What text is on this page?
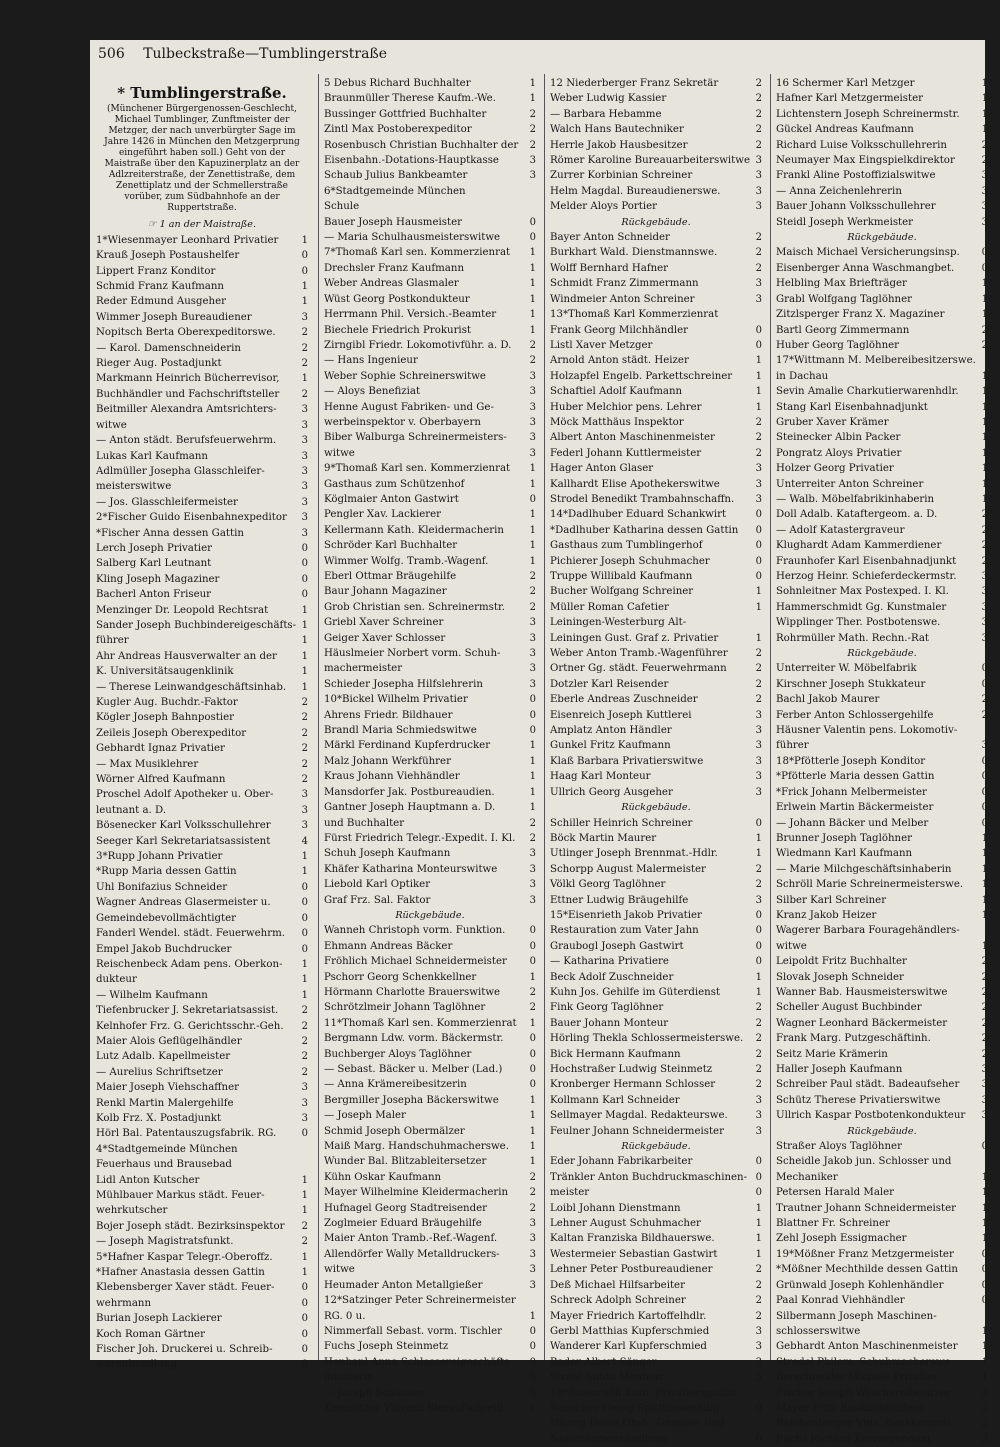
506 Tulbeckstraße—Tumblingerstraße
* Tumblingerstraße.
(Münchener Bürgergenossen-Geschlecht, Michael Tumblinger, Zunftmeister der Metzger, der nach unverbürgter Sage im Jahre 1426 in München den Metzgerprung eingeführt haben soll.) Geht von der Maistraße über den Kapuzinerplatz an der Adlzreiterstraße, der Zenettistraße, dem Zenettiplatz und der Schmellerstraße vorüber, zum Südbahnhofe an der Ruppertstraße.
☞ 1 an der Maistraße.
1*Wiesenmayer Leonhard Privatier	1
Krauß Joseph Postaushelfer	0
Lippert Franz Konditor	0
Schmid Franz Kaufmann	1
Reder Edmund Ausgeher	1
Wimmer Joseph Bureaudiener	3
Nopitsch Berta Oberexpeditorswe.	2
— Karol. Damenschneiderin	2
Rieger Aug. Postadjunkt	2
Markmann Heinrich Bücherrevisor,	1
Buchhändler und Fachschriftsteller	2
Beitmiller Alexandra Amtsrichters-	3
witwe	3
— Anton städt. Berufsfeuerwehrm.	3
Lukas Karl Kaufmann	3
Adlmüller Josepha Glasschleifer-	3
meisterswitwe	3
— Jos. Glasschleifermeister	3
2*Fischer Guido Eisenbahnexpeditor	3
*Fischer Anna dessen Gattin	3
Lerch Joseph Privatier	0
Salberg Karl Leutnant	0
Kling Joseph Magaziner	0
Bacherl Anton Friseur	0
Menzinger Dr. Leopold Rechtsrat	1
Sander Joseph Buchbindereigeschäfts- 1
führer	1
Ahr Andreas Hausverwalter an der	1
K. Universitätsaugenklinik	1
— Therese Leinwandgeschäftsinhab.	1
Kugler Aug. Buchdr.-Faktor	2
Kögler Joseph Bahnpostier	2
Zeileis Joseph Oberexpeditor	2
Gebhardt Ignaz Privatier	2
— Max Musiklehrer	2
Wörner Alfred Kaufmann	2
Proschel Adolf Apotheker u. Ober-	3
leutnant a. D.	3
Bösenecker Karl Volksschullehrer	3
Seeger Karl Sekretariatsassistent	4
3*Rupp Johann Privatier	1
*Rupp Maria dessen Gattin	1
Uhl Bonifazius Schneider	0
Wagner Andreas Glasermeister u.	0
Gemeindebevollmächtigter	0
Fanderl Wendel. städt. Feuerwehrm.	0
Empel Jakob Buchdrucker	0
Reischenbeck Adam pens. Oberkon-	1
dukteur	1
— Wilhelm Kaufmann	1
Tiefenbrucker J. Sekretariatsassist.	2
Kelnhofer Frz. G. Gerichtsschr.-Geh.	2
Maier Alois Geflügelhändler	2
Lutz Adalb. Kapellmeister	2
— Aurelius Schriftsetzer	2
Maier Joseph Viehschaffner	3
Renkl Martin Malergehilfe	3
Kolb Frz. X. Postadjunkt	3
Hörl Bal. Patentauszugsfabrik. RG.	0
4*Stadtgemeinde München
Feuerhaus und Brausebad
Lidl Anton Kutscher	1
Mühlbauer Markus städt. Feuer-	1
wehrkutscher	1
Bojer Joseph städt. Bezirksinspektor	2
— Joseph Magistratsfunkt.	2
5*Hafner Kaspar Telegr.-Oberoffz.	1
*Hafner Anastasia dessen Gattin	1
Klebensberger Xaver städt. Feuer-	0
wehrmann	0
Burian Joseph Lackierer	0
Koch Roman Gärtner	0
Fischer Joh. Druckerei u. Schreib-	0
warenhandlung	0
5 Debus Richard Buchhalter	1
Braunmüller Therese Kaufm.-We.	1
Bussinger Gottfried Buchhalter	2
Zintl Max Postoberexpeditor	2
Rosenbusch Christian Buchhalter der	2
Eisenbahn.-Dotations-Hauptkasse	3
Schaub Julius Bankbeamter	3
6*Stadtgemeinde München
Schule
Bauer Joseph Hausmeister	0
— Maria Schulhausmeisterswitwe	0
7*Thomaß Karl sen. Kommerzienrat	1
Drechsler Franz Kaufmann	1
Weber Andreas Glasmaler	1
Wüst Georg Postkondukteur	1
Herrmann Phil. Versich.-Beamter	1
Biechele Friedrich Prokurist	1
Zirngibl Friedr. Lokomotivführ. a. D.	2
— Hans Ingenieur	2
Weber Sophie Schreinerswitwe	3
— Aloys Benefiziat	3
Henne August Fabriken- und Ge-	3
werbeinspektor v. Oberbayern	3
Biber Walburga Schreinermeisters-	3
witwe	3
9*Thomaß Karl sen. Kommerzienrat	1
Gasthaus zum Schützenhof	1
Köglmaier Anton Gastwirt	0
Pengler Xav. Lackierer	1
Kellermann Kath. Kleidermacherin	1
Schröder Karl Buchhalter	1
Wimmer Wolfg. Tramb.-Wagenf.	1
Eberl Ottmar Bräugehilfe	2
Baur Johann Magaziner	2
Grob Christian sen. Schreinermstr.	2
Griebl Xaver Schreiner	3
Geiger Xaver Schlosser	3
Häuslmeier Norbert vorm. Schuh-	3
machermeister	3
Schieder Josepha Hilfslehrerin	3
10*Bickel Wilhelm Privatier	0
Ahrens Friedr. Bildhauer	0
Brandl Maria Schmiedswitwe	0
Märkl Ferdinand Kupferdrucker	1
Malz Johann Werkführer	1
Kraus Johann Viehhändler	1
Mansdorfer Jak. Postbureaudien.	1
Gantner Joseph Hauptmann a. D.	1
und Buchhalter	2
Fürst Friedrich Telegr.-Expedit. I. Kl.	2
Schuh Joseph Kaufmann	3
Khäfer Katharina Monteurswitwe	3
Liebold Karl Optiker	3
Graf Frz. Sal. Faktor	3
Rückgebäude.
Wanneh Christoph vorm. Funktion.	0
Ehmann Andreas Bäcker	0
Fröhlich Michael Schneidermeister	0
Pschorr Georg Schenkkellner	1
Hörmann Charlotte Brauerswitwe	2
Schrötzlmeir Johann Taglöhner	2
11*Thomaß Karl sen. Kommerzienrat	1
Bergmann Ldw. vorm. Bäckermstr.	0
Buchberger Aloys Taglöhner	0
— Sebast. Bäcker u. Melber (Lad.)	0
— Anna Krämereibesitzerin	0
Bergmiller Josepha Bäckerswitwe	1
— Joseph Maler	1
Schmid Joseph Obermälzer	1
Maiß Marg. Handschuhmacherswe.	1
Wunder Bal. Blitzableitersetzer	1
Kühn Oskar Kaufmann	2
Mayer Wilhelmine Kleidermacherin	2
Hufnagel Georg Stadtreisender	2
Zoglmeier Eduard Bräugehilfe	3
Maier Anton Tramb.-Ref.-Wagenf.	3
Allendörfer Wally Metalldruckers-	3
witwe	3
Heumader Anton Metallgießer	3
12*Satzinger Peter Schreinermeister
RG. 0 u.	1
Nimmerfall Sebast. vorm. Tischler	0
Fuchs Joseph Steinmetz	0
Henhapl Anna Schlossereigeschäfts-	0
inhaberin	0
— Joseph Schlosser	0
Kemmitzer Vinzenz Bieraufschreib.	1
12 Niederberger Franz Sekretär	2
Weber Ludwig Kassier	2
— Barbara Hebamme	2
Walch Hans Bautechniker	2
Herrle Jakob Hausbesitzer	2
Römer Karoline Bureauarbeiterswitwe 3
Zurrer Korbinian Schreiner	3
Helm Magdal. Bureaudienerswe.	3
Melder Aloys Portier	3
Rückgebäude.
Bayer Anton Schneider	2
Burkhart Wald. Dienstmannswe.	2
Wolff Bernhard Hafner	2
Schmidt Franz Zimmermann	3
Windmeier Anton Schreiner	3
13*Thomaß Karl Kommerzienrat
Frank Georg Milchhändler	0
Listl Xaver Metzger	0
Arnold Anton städt. Heizer	1
Holzapfel Engelb. Parkettschreiner	1
Schaftiel Adolf Kaufmann	1
Huber Melchior pens. Lehrer	1
Möck Matthäus Inspektor	2
Albert Anton Maschinenmeister	2
Federl Johann Kuttlermeister	2
Hager Anton Glaser	3
Kallhardt Elise Apothekerswitwe	3
Strodel Benedikt Trambahnschaffn.	3
14*Dadlhuber Eduard Schankwirt	0
*Dadlhuber Katharina dessen Gattin	0
Gasthaus zum Tumblingerhof	0
Pichierer Joseph Schuhmacher	0
Truppe Willibald Kaufmann	0
Bucher Wolfgang Schreiner	1
Müller Roman Cafetier	1
Leiningen-Westerburg Alt-
Leiningen Gust. Graf z. Privatier	1
Weber Anton Tramb.-Wagenführer	2
Ortner Gg. städt. Feuerwehrmann	2
Dotzler Karl Reisender	2
Eberle Andreas Zuschneider	2
Eisenreich Joseph Kuttlerei	3
Amplatz Anton Händler	3
Gunkel Fritz Kaufmann	3
Klaß Barbara Privatierswitwe	3
Haag Karl Monteur	3
Ullrich Georg Ausgeher	3
Rückgebäude.
Schiller Heinrich Schreiner	0
Böck Martin Maurer	1
Utlinger Joseph Brennmat.-Hdlr.	1
Schorpp August Malermeister	2
Völkl Georg Taglöhner	2
Ettner Ludwig Bräugehilfe	3
15*Eisenrieth Jakob Privatier	0
Restauration zum Vater Jahn	0
Graubogl Joseph Gastwirt	0
— Katharina Privatiere	0
Beck Adolf Zuschneider	1
Kuhn Jos. Gehilfe im Güterdienst	1
Fink Georg Taglöhner	2
Bauer Johann Monteur	2
Hörling Thekla Schlossermeisterswe.	2
Bick Hermann Kaufmann	2
Hochstraßer Ludwig Steinmetz	2
Kronberger Hermann Schlosser	2
Kollmann Karl Schneider	3
Sellmayer Magdal. Redakteurswe.	3
Feulner Johann Schneidermeister	3
Rückgebäude.
Eder Johann Fabrikarbeiter	0
Tränkler Anton Buchdruckmaschinen- 0
meister	0
Loibl Johann Dienstmann	1
Lehner August Schuhmacher	1
Kaltan Franziska Bildhauerswe.	1
Westermeier Sebastian Gastwirt	1
Lehner Peter Postbureaudiener	2
Deß Michael Hilfsarbeiter	2
Schreck Adolph Schreiner	2
Mayer Friedrich Kartoffelhdlr.	2
Gerbl Matthias Kupferschmied	3
Wanderer Karl Kupferschmied	3
Bader Albert Sänger	3
Strehl Anton Monteur	3
16*Eisenrieth Kath. Privatiersgattin
Rauscher Georg Spirituosenhdlg.	0
Häring David Obst-, Gemüse- und
Naturblumenhandlung	0
16 Schermer Karl Metzger	1
Hafner Karl Metzgermeister	1
Lichtenstern Joseph Schreinermstr.	1
Gückel Andreas Kaufmann	1
Richard Luise Volksschullehrerin	2
Neumayer Max Eingspielkdirektor	2
Frankl Aline Postoffizialswitwe	3
— Anna Zeichenlehrerin	3
Bauer Johann Volksschullehrer	3
Steidl Joseph Werkmeister	3
Rückgebäude.
Maisch Michael Versicherungsinsp.	0
Eisenberger Anna Waschmangbet.	0
Helbling Max Briefträger	1
Grabl Wolfgang Taglöhner	1
Zitzlsperger Franz X. Magaziner	1
Bartl Georg Zimmermann	2
Huber Georg Taglöhner	2
17*Wittmann M. Melbereibesitzerswe.
in Dachau	1
Sevin Amalie Charkutierwarenhdlr.	1
Stang Karl Eisenbahnadjunkt	1
Gruber Xaver Krämer	1
Steinecker Albin Packer	1
Pongratz Aloys Privatier	1
Holzer Georg Privatier	1
Unterreiter Anton Schreiner	1
— Walb. Möbelfabrikinhaberin	1
Doll Adalb. Kataftergeom. a. D.	2
— Adolf Katastergraveur	2
Klughardt Adam Kammerdiener	2
Fraunhofer Karl Eisenbahnadjunkt	2
Herzog Heinr. Schieferdeckermstr.	3
Sohnleitner Max Postexped. I. Kl.	3
Hammerschmidt Gg. Kunstmaler	3
Wipplinger Ther. Postbotenswe.	3
Rohrmüller Math. Rechn.-Rat	3
Rückgebäude.
Unterreiter W. Möbelfabrik	0
Kirschner Joseph Stukkateur	0
Bachl Jakob Maurer	2
Ferber Anton Schlossergehilfe	2
Häusner Valentin pens. Lokomotiv-
führer	3
18*Pfötterle Joseph Konditor	0
*Pfötterle Maria dessen Gattin	0
*Frick Johann Melbermeister	0
Erlwein Martin Bäckermeister	0
— Johann Bäcker und Melber	0
Brunner Joseph Taglöhner	1
Wiedmann Karl Kaufmann	1
— Marie Milchgeschäftsinhaberin	1
Schröll Marie Schreinermeisterswe.	1
Silber Karl Schreiner	1
Kranz Jakob Heizer	1
Wagerer Barbara Fouragehändlers-
witwe	1
Leipoldt Fritz Buchhalter	2
Slovak Joseph Schneider	2
Wanner Bab. Hausmeisterswitwe	2
Scheller August Buchbinder	2
Wagner Leonhard Bäckermeister	2
Frank Marg. Putzgeschäftinh.	2
Seitz Marie Krämerin	2
Haller Joseph Kaufmann	3
Schreiber Paul städt. Badeaufseher	3
Schütz Therese Privatierswitwe	3
Ullrich Kaspar Postbotenkondukteur	3
Rückgebäude.
Straßer Aloys Taglöhner	0
Scheidle Jakob jun. Schlosser und
Mechaniker	1
Petersen Harald Maler	1
Trautner Johann Schneidermeister	1
Blattner Fr. Schreiner	1
Zehl Joseph Essigmacher	1
19*Mößner Franz Metzgermeister	0
*Mößner Mechthilde dessen Gattin	0
Grünwald Joseph Kohlenhändler	0
Paal Konrad Viehhändler	0
Silbermann Joseph Maschinen-
schlosserswitwe	1
Gebhardt Anton Maschinenmeister	1
Strodel Philom. Schuhmacherswe.	1
Berschneider Michael Privatier	1
Fischer Joseph Wäschereibesitzer	2
Mayer Fritz Bankkontrolleur	2
Reichenberger Vinz. Bankkommis	2
Fuchs Richard Korrespondent	3
